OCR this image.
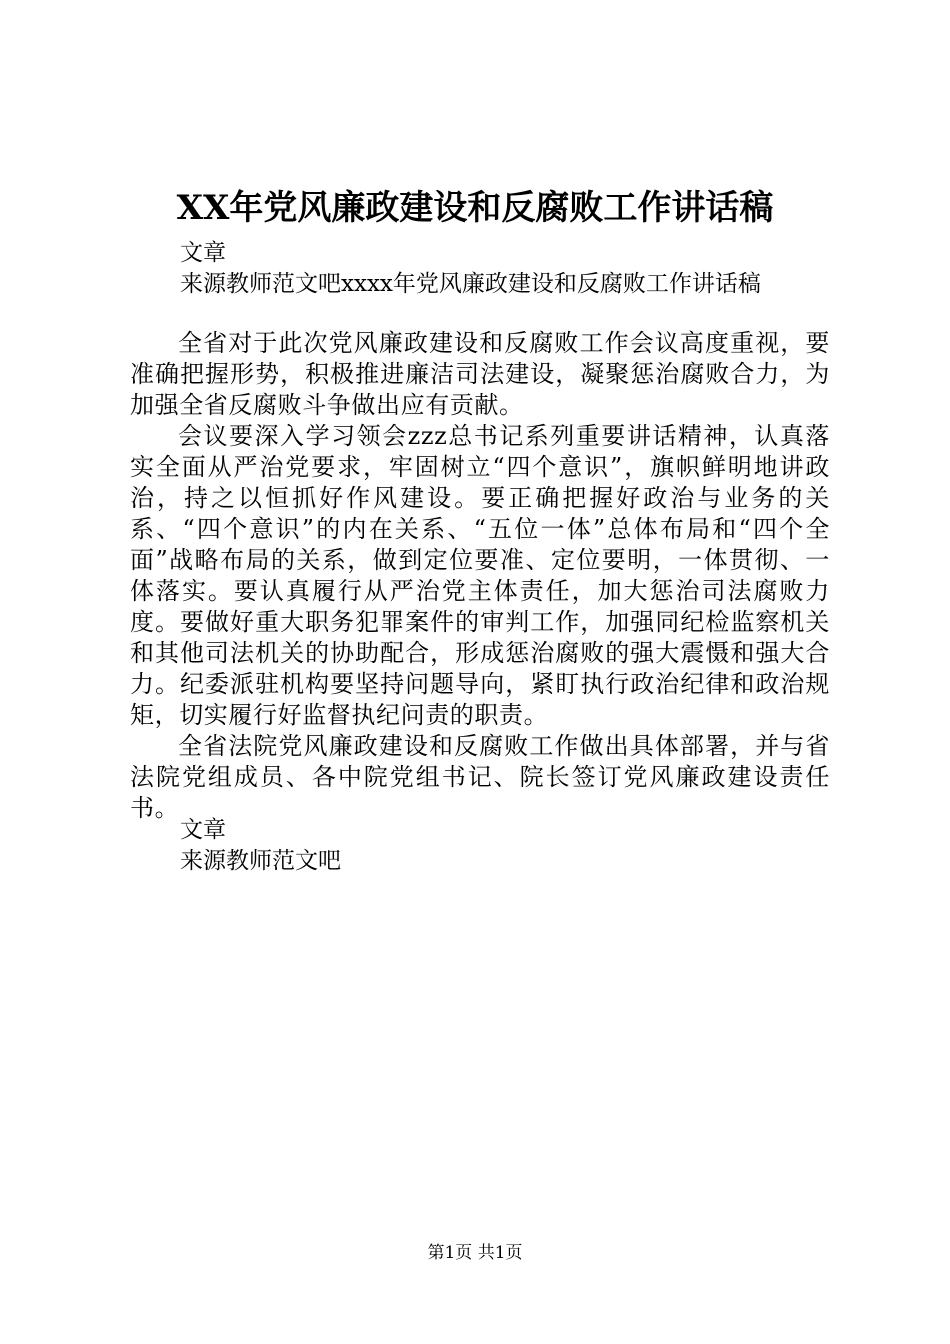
XX年党风廉政建设和反腐败工作讲话稿
文章
来源教师范文吧xxxx年党风廉政建设和反腐败工作讲话稿

全省对于此次党风廉政建设和反腐败工作会议高度重视，要准确把握形势，积极推进廉洁司法建设，凝聚惩治腐败合力，为加强全省反腐败斗争做出应有贡献。

会议要深入学习领会zzz总书记系列重要讲话精神，认真落实全面从严治党要求，牢固树立“四个意识”，旗帜鲜明地讲政治，持之以恒抓好作风建设。要正确把握好政治与业务的关系、“四个意识”的内在关系、“五位一体”总体布局和“四个全面”战略布局的关系，做到定位要准、定位要明，一体贯彻、一体落实。要认真履行从严治党主体责任，加大惩治司法腐败力度。要做好重大职务犯罪案件的审判工作，加强同纪检监察机关和其他司法机关的协助配合，形成惩治腐败的强大震慑和强大合力。纪委派驻机构要坚持问题导向，紧盯执行政治纪律和政治规矩，切实履行好监督执纪问责的职责。

全省法院党风廉政建设和反腐败工作做出具体部署，并与省法院党组成员、各中院党组书记、院长签订党风廉政建设责任书。

文章
来源教师范文吧
第1页 共1页
